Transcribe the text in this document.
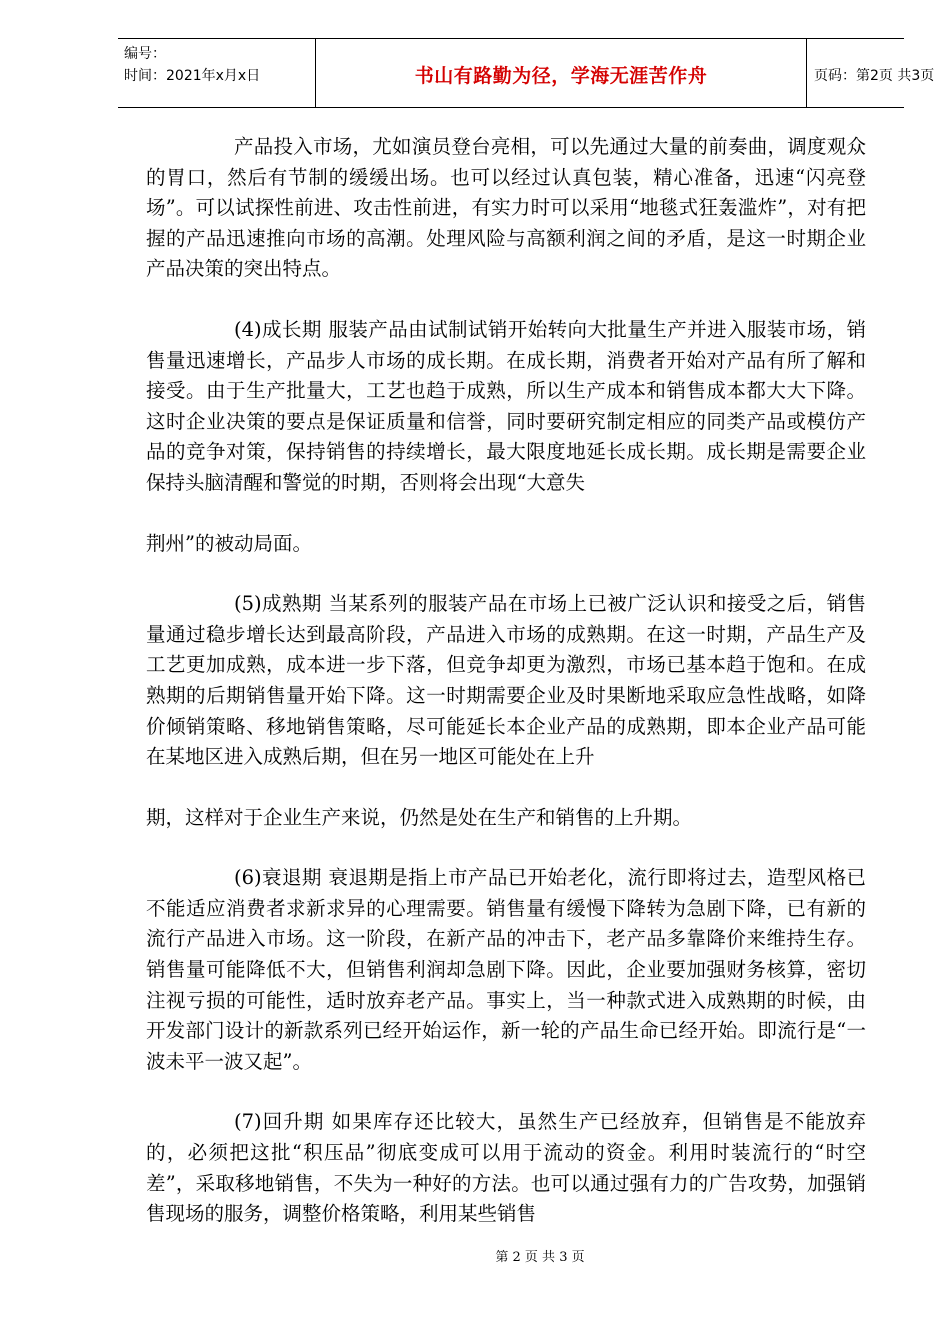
编号：
时间：2021年x月x日	书山有路勤为径，学海无涯苦作舟	页码：第2页 共3页

产品投入市场，尤如演员登台亮相，可以先通过大量的前奏曲，调度观众的胃口，然后有节制的缓缓出场。也可以经过认真包装，精心准备，迅速“闪亮登场”。可以试探性前进、攻击性前进，有实力时可以采用“地毯式狂轰滥炸”，对有把握的产品迅速推向市场的高潮。处理风险与高额利润之间的矛盾，是这一时期企业产品决策的突出特点。

(4)成长期 服装产品由试制试销开始转向大批量生产并进入服装市场，销售量迅速增长，产品步人市场的成长期。在成长期，消费者开始对产品有所了解和接受。由于生产批量大，工艺也趋于成熟，所以生产成本和销售成本都大大下降。这时企业决策的要点是保证质量和信誉，同时要研究制定相应的同类产品或模仿产品的竞争对策，保持销售的持续增长，最大限度地延长成长期。成长期是需要企业保持头脑清醒和警觉的时期，否则将会出现“大意失

荆州”的被动局面。

(5)成熟期 当某系列的服装产品在市场上已被广泛认识和接受之后，销售量通过稳步增长达到最高阶段，产品进入市场的成熟期。在这一时期，产品生产及工艺更加成熟，成本进一步下落，但竞争却更为激烈，市场已基本趋于饱和。在成熟期的后期销售量开始下降。这一时期需要企业及时果断地采取应急性战略，如降价倾销策略、移地销售策略，尽可能延长本企业产品的成熟期，即本企业产品可能在某地区进入成熟后期，但在另一地区可能处在上升

期，这样对于企业生产来说，仍然是处在生产和销售的上升期。

(6)衰退期 衰退期是指上市产品已开始老化，流行即将过去，造型风格已不能适应消费者求新求异的心理需要。销售量有缓慢下降转为急剧下降，已有新的流行产品进入市场。这一阶段，在新产品的冲击下，老产品多靠降价来维持生存。销售量可能降低不大，但销售利润却急剧下降。因此，企业要加强财务核算，密切注视亏损的可能性，适时放弃老产品。事实上，当一种款式进入成熟期的时候，由开发部门设计的新款系列已经开始运作，新一轮的产品生命已经开始。即流行是“一波未平一波又起”。

(7)回升期 如果库存还比较大，虽然生产已经放弃，但销售是不能放弃的，必须把这批“积压品”彻底变成可以用于流动的资金。利用时装流行的“时空差”，采取移地销售，不失为一种好的方法。也可以通过强有力的广告攻势，加强销售现场的服务，调整价格策略，利用某些销售

第 2 页 共 3 页
